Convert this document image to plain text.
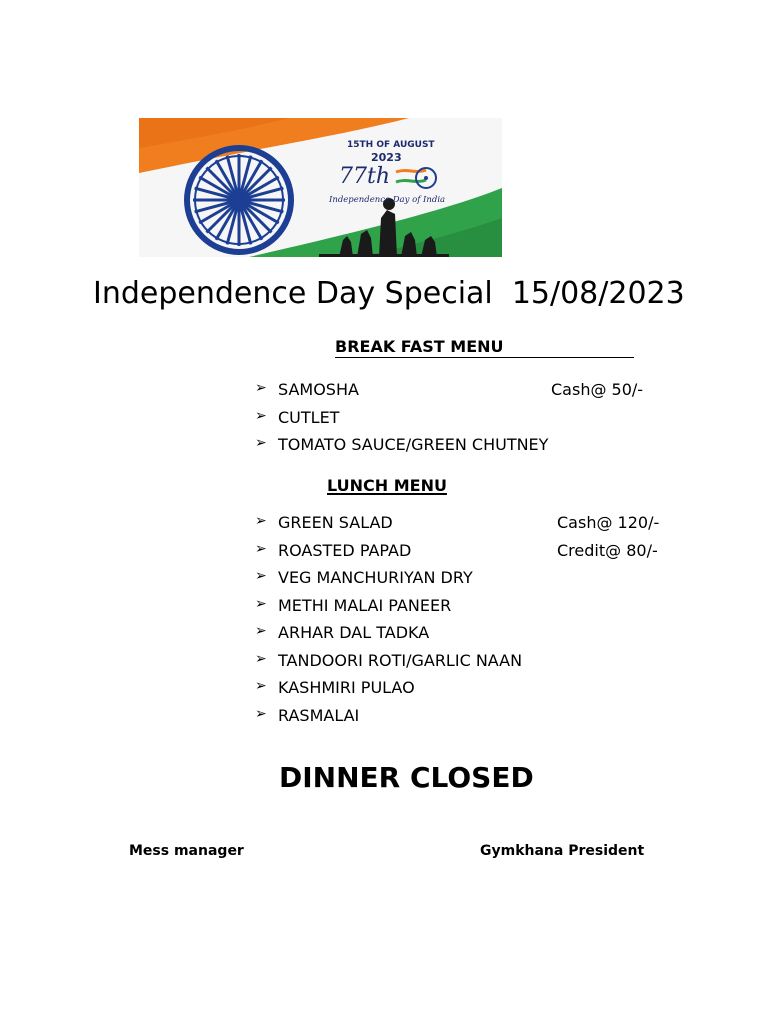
15TH OF AUGUST
2023
77th
Independence Day of India
Independence Day Special  15/08/2023
BREAK FAST MENU
➢ SAMOSHA	Cash@ 50/-
➢ CUTLET
➢ TOMATO SAUCE/GREEN CHUTNEY
LUNCH MENU
➢ GREEN SALAD	Cash@ 120/-
➢ ROASTED PAPAD	Credit@ 80/-
➢ VEG MANCHURIYAN DRY
➢ METHI MALAI PANEER
➢ ARHAR DAL TADKA
➢ TANDOORI ROTI/GARLIC NAAN
➢ KASHMIRI PULAO
➢ RASMALAI
DINNER CLOSED
Mess manager	Gymkhana President
